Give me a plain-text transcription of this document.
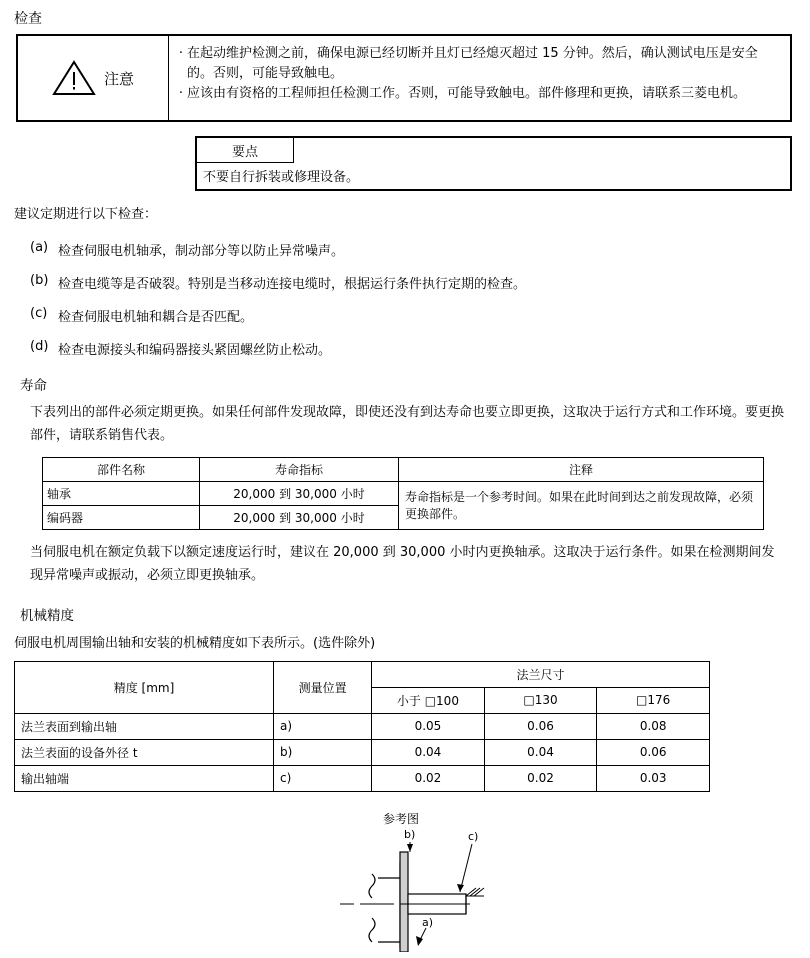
检查
注意
· 在起动维护检测之前，确保电源已经切断并且灯已经熄灭超过 15 分钟。然后，确认测试电压是安全的。否则，可能导致触电。
· 应该由有资格的工程师担任检测工作。否则，可能导致触电。部件修理和更换，请联系三菱电机。
要点
不要自行拆装或修理设备。

建议定期进行以下检查：

(a) 检查伺服电机轴承，制动部分等以防止异常噪声。
(b) 检查电缆等是否破裂。特别是当移动连接电缆时，根据运行条件执行定期的检查。
(c) 检查伺服电机轴和耦合是否匹配。
(d) 检查电源接头和编码器接头紧固螺丝防止松动。
寿命
下表列出的部件必须定期更换。如果任何部件发现故障，即使还没有到达寿命也要立即更换，这取决于运行方式和工作环境。要更换部件，请联系销售代表。
部件名称	寿命指标	注释
轴承	20,000 到 30,000 小时	寿命指标是一个参考时间。如果在此时间到达之前发现故障，必须更换部件。
编码器	20,000 到 30,000 小时	
当伺服电机在额定负载下以额定速度运行时，建议在 20,000 到 30,000 小时内更换轴承。这取决于运行条件。如果在检测期间发现异常噪声或振动，必须立即更换轴承。
机械精度
伺服电机周围输出轴和安装的机械精度如下表所示。(选件除外)
精度 [mm]	测量位置	法兰尺寸		
		小于 □100	□130	□176
法兰表面到输出轴	a)	0.05	0.06	0.08
法兰表面的设备外径 t	b)	0.04	0.04	0.06
输出轴端	c)	0.02	0.02	0.03
参考图
b)	c)
a)
